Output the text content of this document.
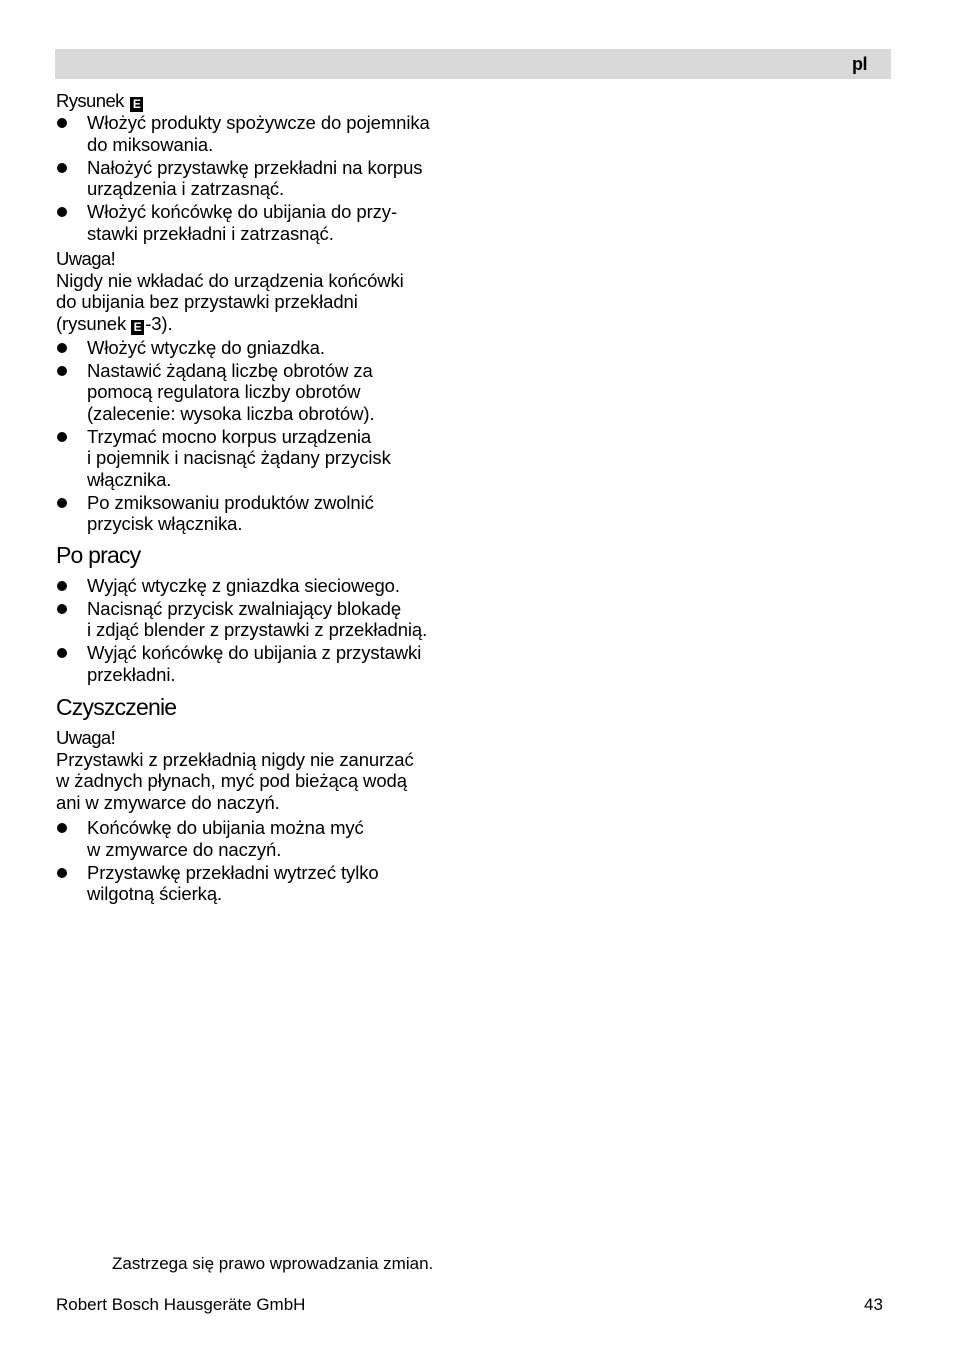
pl
Rysunek E
Włożyć produkty spożywcze do pojemnika
do miksowania.
Nałożyć przystawkę przekładni na korpus
urządzenia i zatrzasnąć.
Włożyć końcówkę do ubijania do przy-
stawki przekładni i zatrzasnąć.
Uwaga!
Nigdy nie wkładać do urządzenia końcówki
do ubijania bez przystawki przekładni
(rysunek E -3).
Włożyć wtyczkę do gniazdka.
Nastawić żądaną liczbę obrotów za
pomocą regulatora liczby obrotów
(zalecenie: wysoka liczba obrotów).
Trzymać mocno korpus urządzenia
i pojemnik i nacisnąć żądany przycisk
włącznika.
Po zmiksowaniu produktów zwolnić
przycisk włącznika.
Po pracy
Wyjąć wtyczkę z gniazdka sieciowego.
Nacisnąć przycisk zwalniający blokadę
i zdjąć blender z przystawki z przekładnią.
Wyjąć końcówkę do ubijania z przystawki
przekładni.
Czyszczenie
Uwaga!
Przystawki z przekładnią nigdy nie zanurzać
w żadnych płynach, myć pod bieżącą wodą
ani w zmywarce do naczyń.
Końcówkę do ubijania można myć
w zmywarce do naczyń.
Przystawkę przekładni wytrzeć tylko
wilgotną ścierką.
Zastrzega się prawo wprowadzania zmian.
Robert Bosch Hausgeräte GmbH	43
